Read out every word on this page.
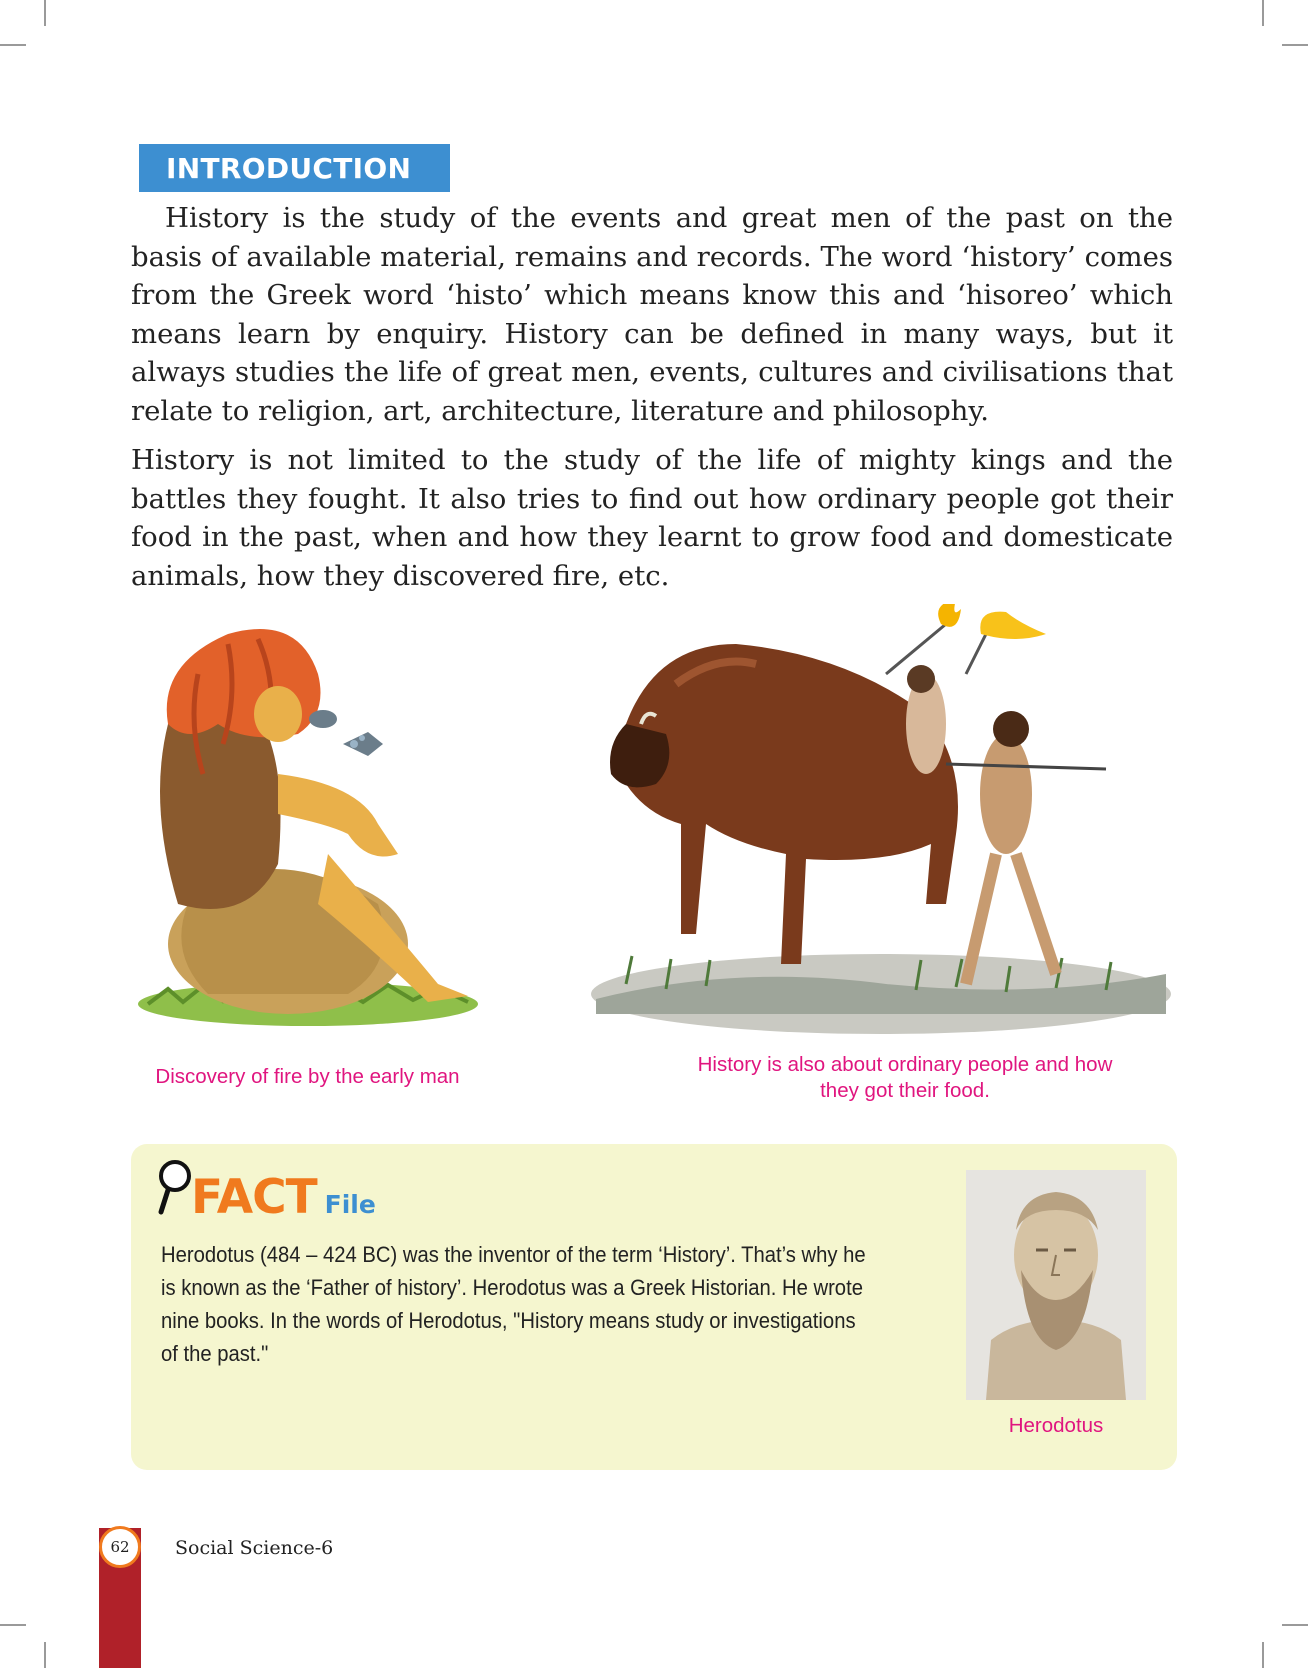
INTRODUCTION

History is the study of the events and great men of the past on the basis of available material, remains and records. The word ‘history’ comes from the Greek word ‘histo’ which means know this and ‘hisoreo’ which means learn by enquiry. History can be defined in many ways, but it always studies the life of great men, events, cultures and civilisations that relate to religion, art, architecture, literature and philosophy.

History is not limited to the study of the life of mighty kings and the battles they fought. It also tries to find out how ordinary people got their food in the past, when and how they learnt to grow food and domesticate animals, how they discovered fire, etc.

Discovery of fire by the early man
History is also about ordinary people and how they got their food.
FACT File

Herodotus (484 – 424 BC) was the inventor of the term ‘History’. That’s why he is known as the ‘Father of history’. Herodotus was a Greek Historian. He wrote nine books. In the words of Herodotus, "History means study or investigations of the past."

Herodotus
62	Social Science-6
